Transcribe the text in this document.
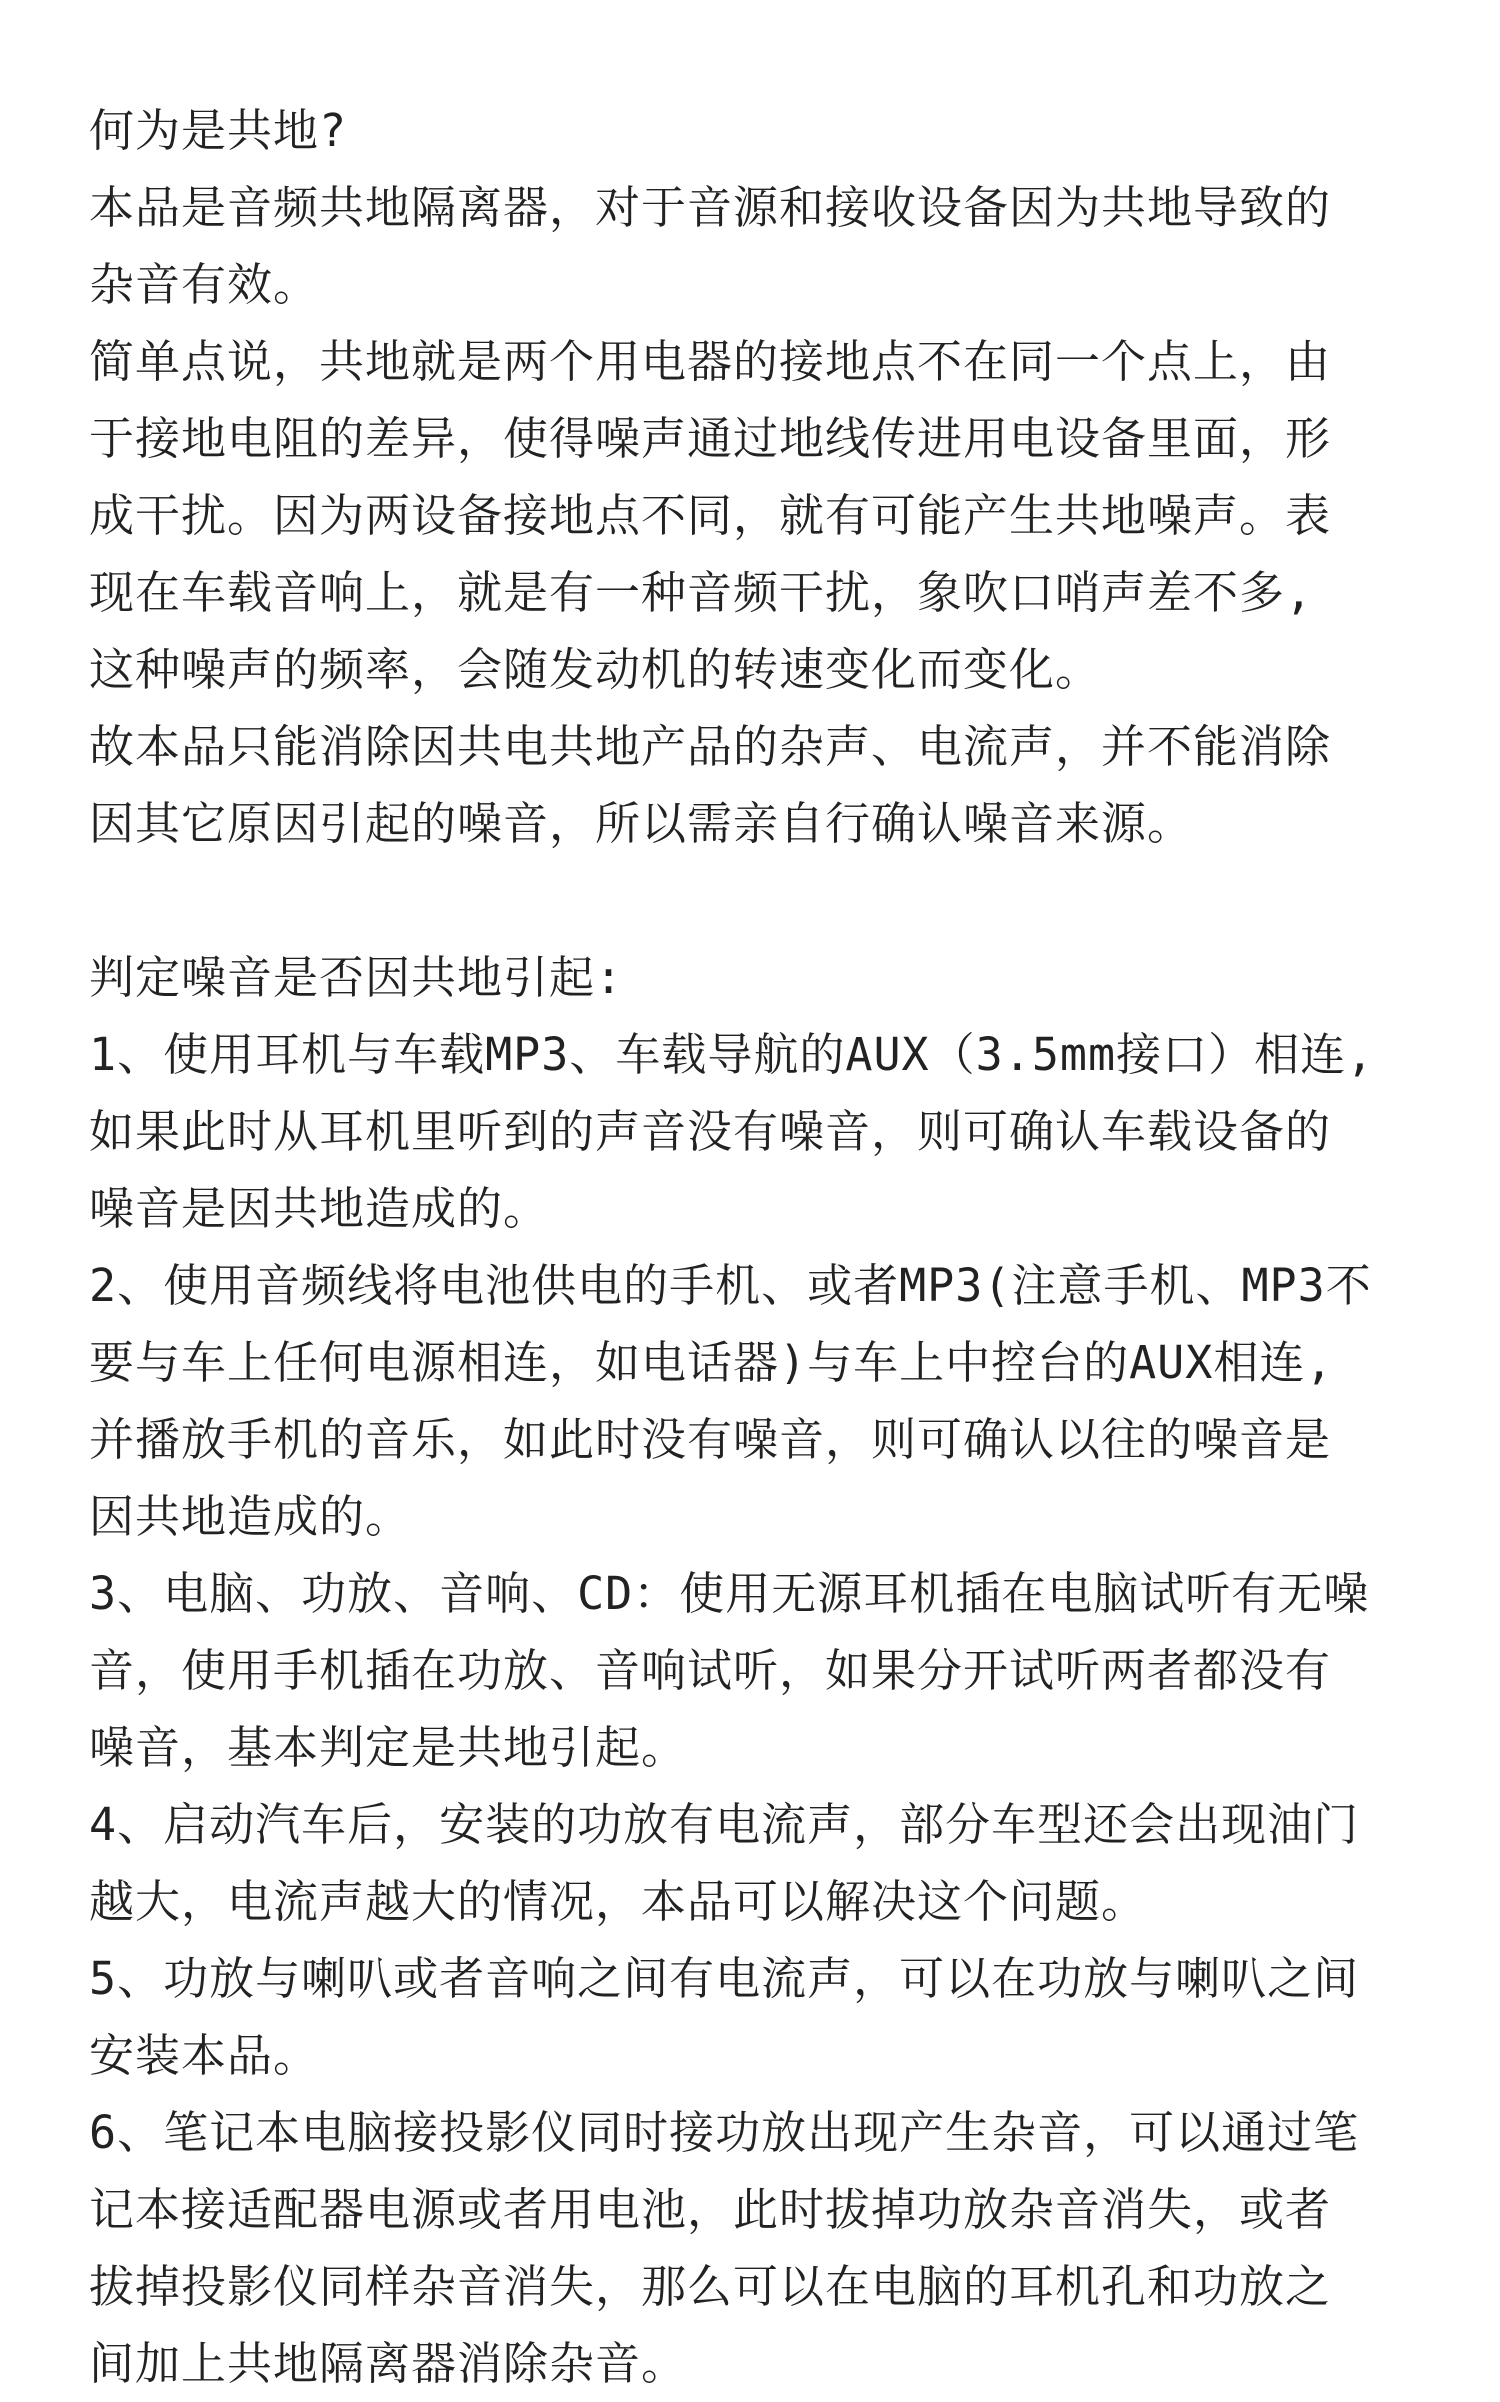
何为是共地?
本品是音频共地隔离器，对于音源和接收设备因为共地导致的
杂音有效。
简单点说，共地就是两个用电器的接地点不在同一个点上，由
于接地电阻的差异，使得噪声通过地线传进用电设备里面，形
成干扰。因为两设备接地点不同，就有可能产生共地噪声。表
现在车载音响上，就是有一种音频干扰，象吹口哨声差不多,
这种噪声的频率，会随发动机的转速变化而变化。
故本品只能消除因共电共地产品的杂声、电流声，并不能消除
因其它原因引起的噪音，所以需亲自行确认噪音来源。
判定噪音是否因共地引起:
1、使用耳机与车载MP3、车载导航的AUX（3.5mm接口）相连,
如果此时从耳机里听到的声音没有噪音，则可确认车载设备的
噪音是因共地造成的。
2、使用音频线将电池供电的手机、或者MP3(注意手机、MP3不
要与车上任何电源相连，如电话器)与车上中控台的AUX相连,
并播放手机的音乐，如此时没有噪音，则可确认以往的噪音是
因共地造成的。
3、电脑、功放、音响、CD：使用无源耳机插在电脑试听有无噪
音，使用手机插在功放、音响试听，如果分开试听两者都没有
噪音，基本判定是共地引起。
4、启动汽车后，安装的功放有电流声，部分车型还会出现油门
越大，电流声越大的情况，本品可以解决这个问题。
5、功放与喇叭或者音响之间有电流声，可以在功放与喇叭之间
安装本品。
6、笔记本电脑接投影仪同时接功放出现产生杂音，可以通过笔
记本接适配器电源或者用电池，此时拔掉功放杂音消失，或者
拔掉投影仪同样杂音消失，那么可以在电脑的耳机孔和功放之
间加上共地隔离器消除杂音。
